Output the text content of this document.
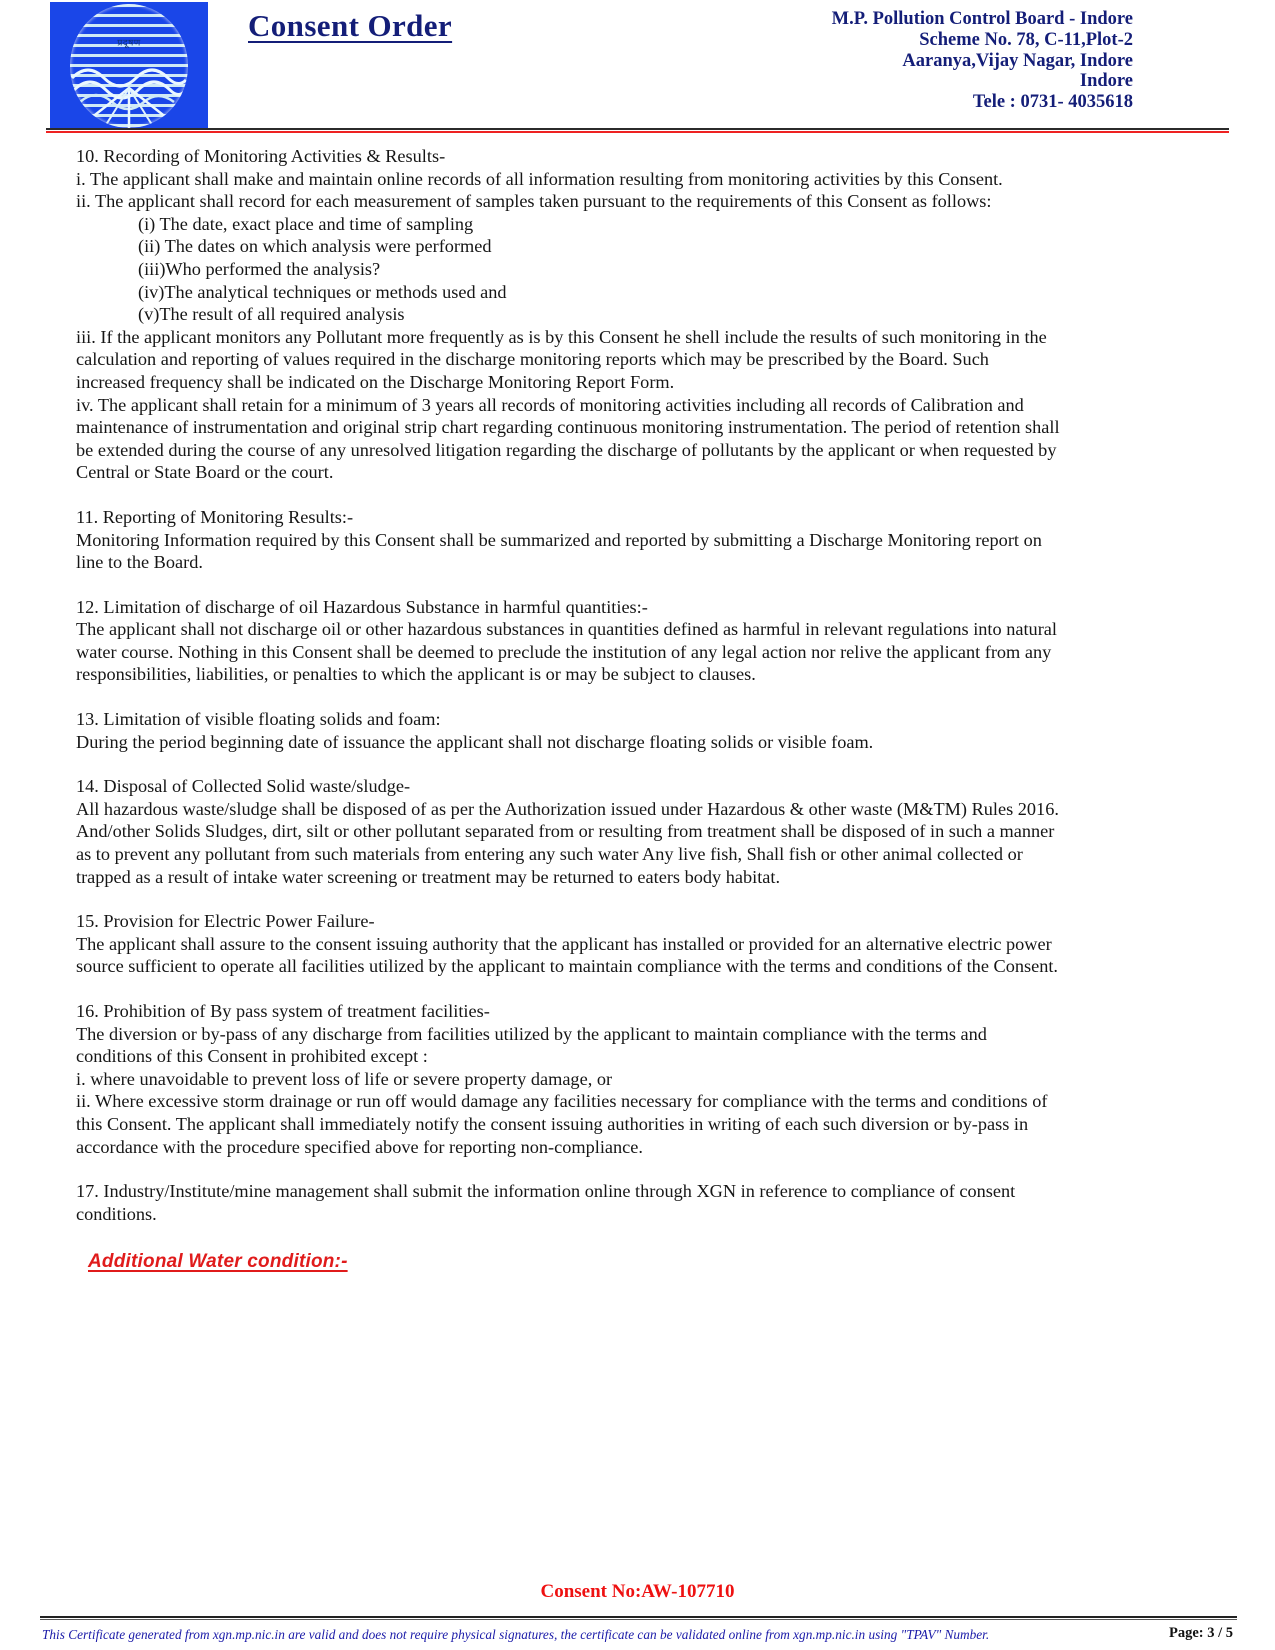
प्रदूषण	Consent Order	M.P. Pollution Control Board - Indore
Scheme No. 78, C-11,Plot-2
Aaranya,Vijay Nagar, Indore
Indore
Tele : 0731- 4035618

10. Recording of Monitoring Activities & Results-

i. The applicant shall make and maintain online records of all information resulting from monitoring activities by this Consent.

ii. The applicant shall record for each measurement of samples taken pursuant to the requirements of this Consent as follows:

(i) The date, exact place and time of sampling

(ii) The dates on which analysis were performed

(iii)Who performed the analysis?

(iv)The analytical techniques or methods used and

(v)The result of all required analysis

iii. If the applicant monitors any Pollutant more frequently as is by this Consent he shell include the results of such monitoring in the calculation and reporting of values required in the discharge monitoring reports which may be prescribed by the Board. Such increased frequency shall be indicated on the Discharge Monitoring Report Form.

iv. The applicant shall retain for a minimum of 3 years all records of monitoring activities including all records of Calibration and maintenance of instrumentation and original strip chart regarding continuous monitoring instrumentation. The period of retention shall be extended during the course of any unresolved litigation regarding the discharge of pollutants by the applicant or when requested by Central or State Board or the court.

11. Reporting of Monitoring Results:-

Monitoring Information required by this Consent shall be summarized and reported by submitting a Discharge Monitoring report on line to the Board.

12. Limitation of discharge of oil Hazardous Substance in harmful quantities:-

The applicant shall not discharge oil or other hazardous substances in quantities defined as harmful in relevant regulations into natural water course. Nothing in this Consent shall be deemed to preclude the institution of any legal action nor relive the applicant from any responsibilities, liabilities, or penalties to which the applicant is or may be subject to clauses.

13. Limitation of visible floating solids and foam:

During the period beginning date of issuance the applicant shall not discharge floating solids or visible foam.

14. Disposal of Collected Solid waste/sludge-

All hazardous waste/sludge shall be disposed of as per the Authorization issued under Hazardous & other waste (M&TM) Rules 2016. And/other Solids Sludges, dirt, silt or other pollutant separated from or resulting from treatment shall be disposed of in such a manner as to prevent any pollutant from such materials from entering any such water Any live fish, Shall fish or other animal collected or trapped as a result of intake water screening or treatment may be returned to eaters body habitat.

15. Provision for Electric Power Failure-

The applicant shall assure to the consent issuing authority that the applicant has installed or provided for an alternative electric power source sufficient to operate all facilities utilized by the applicant to maintain compliance with the terms and conditions of the Consent.

16. Prohibition of By pass system of treatment facilities-

The diversion or by-pass of any discharge from facilities utilized by the applicant to maintain compliance with the terms and conditions of this Consent in prohibited except :

i. where unavoidable to prevent loss of life or severe property damage, or

ii. Where excessive storm drainage or run off would damage any facilities necessary for compliance with the terms and conditions of this Consent. The applicant shall immediately notify the consent issuing authorities in writing of each such diversion or by-pass in accordance with the procedure specified above for reporting non-compliance.

17. Industry/Institute/mine management shall submit the information online through XGN in reference to compliance of consent conditions.

Additional Water condition:-
Consent No:AW-107710
This Certificate generated from xgn.mp.nic.in are valid and does not require physical signatures, the certificate can be validated online from xgn.mp.nic.in using "TPAV" Number.	Page: 3 / 5
